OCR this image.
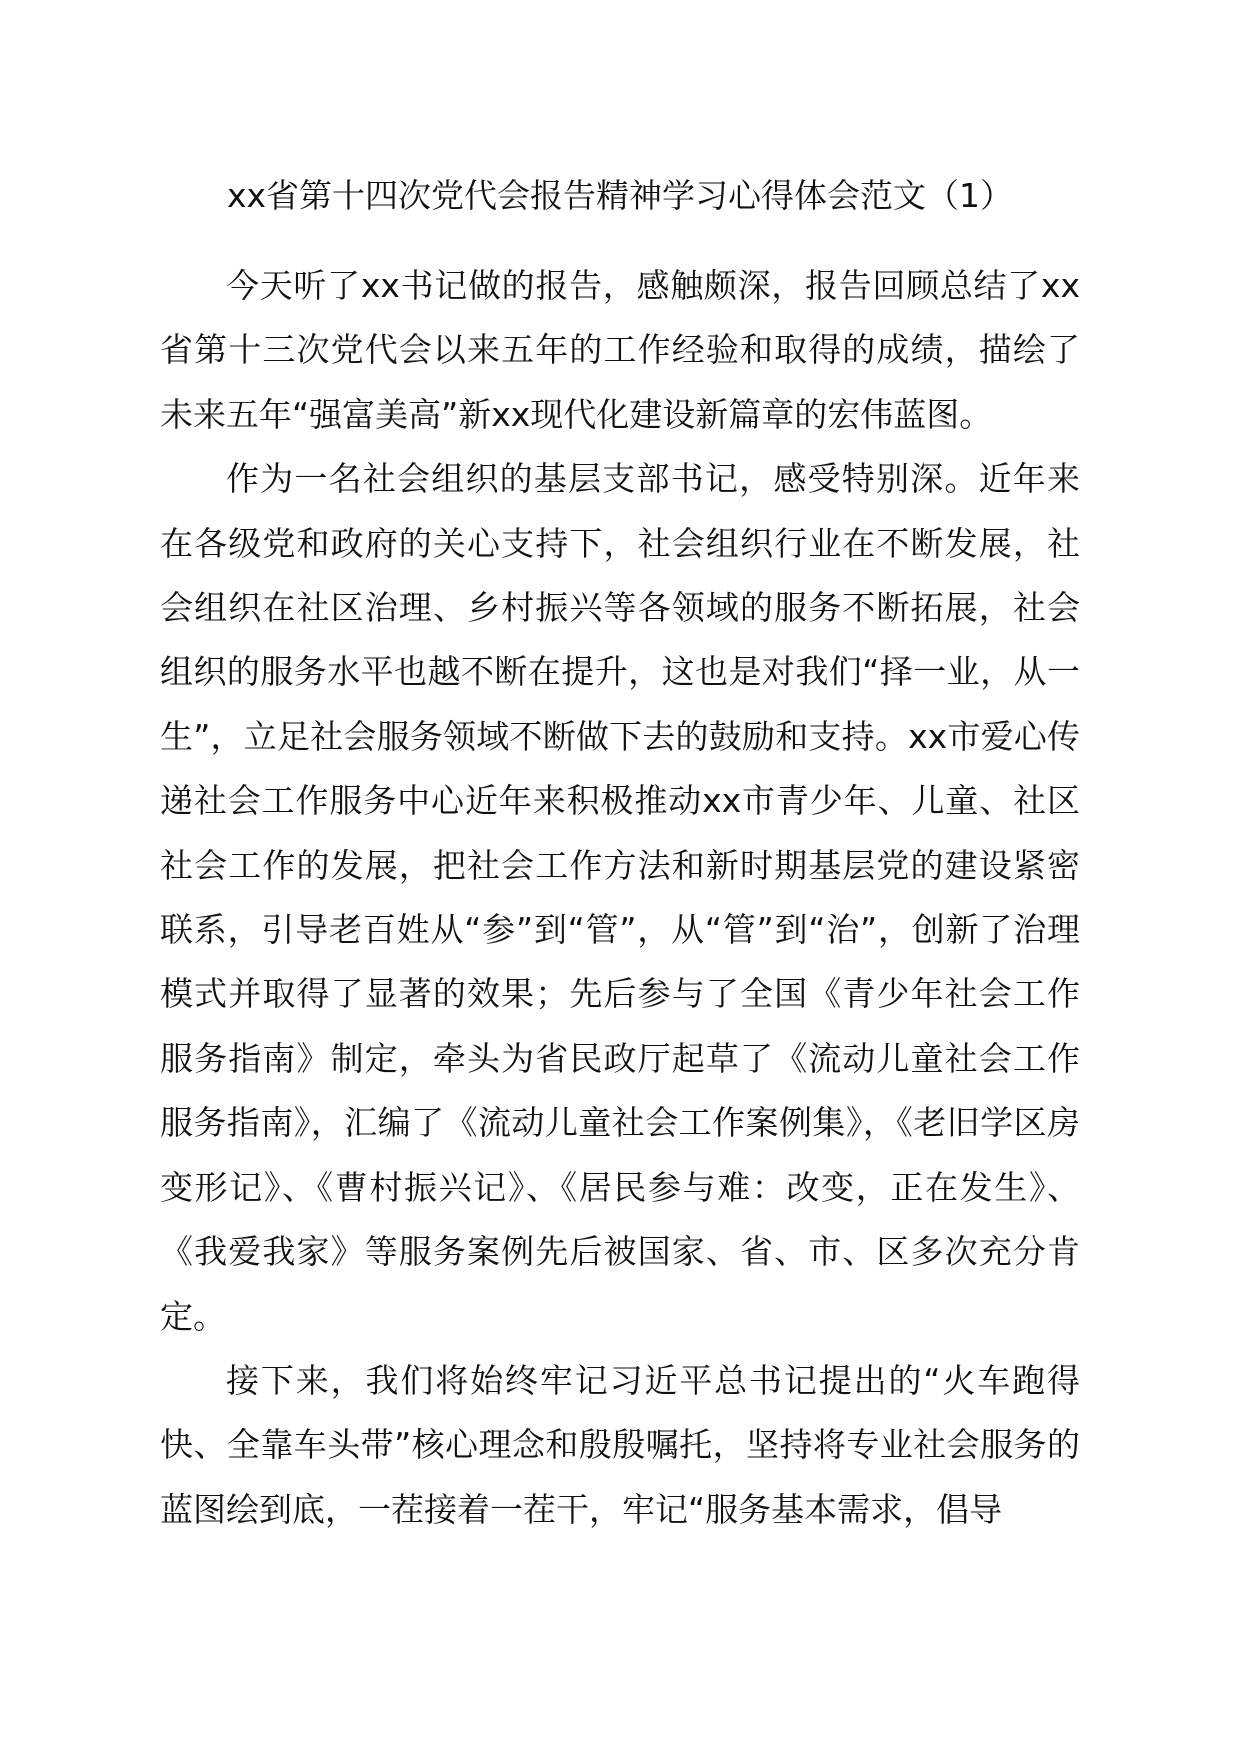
xx省第十四次党代会报告精神学习心得体会范文（1）

今天听了xx书记做的报告，感触颇深，报告回顾总结了xx省第十三次党代会以来五年的工作经验和取得的成绩，描绘了未来五年“强富美高”新xx现代化建设新篇章的宏伟蓝图。

作为一名社会组织的基层支部书记，感受特别深。近年来在各级党和政府的关心支持下，社会组织行业在不断发展，社会组织在社区治理、乡村振兴等各领域的服务不断拓展，社会组织的服务水平也越不断在提升，这也是对我们“择一业，从一生”，立足社会服务领域不断做下去的鼓励和支持。xx市爱心传递社会工作服务中心近年来积极推动xx市青少年、儿童、社区社会工作的发展，把社会工作方法和新时期基层党的建设紧密联系，引导老百姓从“参”到“管”，从“管”到“治”，创新了治理模式并取得了显著的效果；先后参与了全国《青少年社会工作服务指南》制定，牵头为省民政厅起草了《流动儿童社会工作服务指南》，汇编了《流动儿童社会工作案例集》，《老旧学区房变形记》、《曹村振兴记》、《居民参与难：改变，正在发生》、《我爱我家》等服务案例先后被国家、省、市、区多次充分肯定。

接下来，我们将始终牢记习近平总书记提出的“火车跑得快、全靠车头带”核心理念和殷殷嘱托，坚持将专业社会服务的蓝图绘到底，一茬接着一茬干，牢记“服务基本需求，倡导
